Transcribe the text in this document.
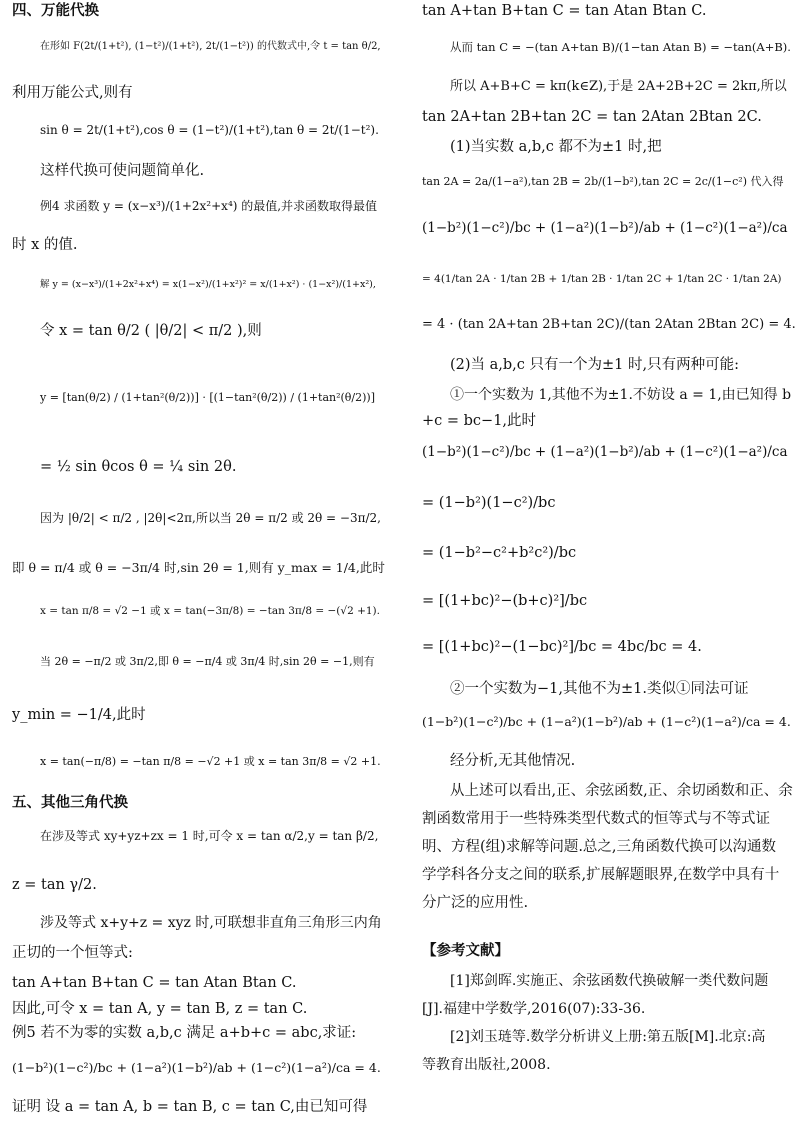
四、万能代换
在形如 F(2t/(1+t²), (1−t²)/(1+t²), 2t/(1−t²)) 的代数式中,令 t = tan θ/2,
利用万能公式,则有
sin θ = 2t/(1+t²),cos θ = (1−t²)/(1+t²),tan θ = 2t/(1−t²).
这样代换可使问题简单化.
例4 求函数 y = (x−x³)/(1+2x²+x⁴) 的最值,并求函数取得最值
时 x 的值.
解 y = (x−x³)/(1+2x²+x⁴) = x(1−x²)/(1+x²)² = x/(1+x²) · (1−x²)/(1+x²),
令 x = tan θ/2 ( |θ/2| < π/2 ),则
y = [tan(θ/2) / (1+tan²(θ/2))] · [(1−tan²(θ/2)) / (1+tan²(θ/2))]
= ½ sin θcos θ = ¼ sin 2θ.
因为 |θ/2| < π/2 , |2θ|<2π,所以当 2θ = π/2 或 2θ = −3π/2,
即 θ = π/4 或 θ = −3π/4 时,sin 2θ = 1,则有 y_max = 1/4,此时
x = tan π/8 = √2 −1 或 x = tan(−3π/8) = −tan 3π/8 = −(√2 +1).
当 2θ = −π/2 或 3π/2,即 θ = −π/4 或 3π/4 时,sin 2θ = −1,则有
y_min = −1/4,此时
x = tan(−π/8) = −tan π/8 = −√2 +1 或 x = tan 3π/8 = √2 +1.
五、其他三角代换
在涉及等式 xy+yz+zx = 1 时,可令 x = tan α/2,y = tan β/2,
z = tan γ/2.
涉及等式 x+y+z = xyz 时,可联想非直角三角形三内角
正切的一个恒等式:
tan A+tan B+tan C = tan Atan Btan C.
因此,可令 x = tan A, y = tan B, z = tan C.
例5 若不为零的实数 a,b,c 满足 a+b+c = abc,求证:
(1−b²)(1−c²)/bc + (1−a²)(1−b²)/ab + (1−c²)(1−a²)/ca = 4.
证明 设 a = tan A, b = tan B, c = tan C,由已知可得
tan A+tan B+tan C = tan Atan Btan C.
从而 tan C = −(tan A+tan B)/(1−tan Atan B) = −tan(A+B).
所以 A+B+C = kπ(k∈Z),于是 2A+2B+2C = 2kπ,所以
tan 2A+tan 2B+tan 2C = tan 2Atan 2Btan 2C.
(1)当实数 a,b,c 都不为±1 时,把
tan 2A = 2a/(1−a²),tan 2B = 2b/(1−b²),tan 2C = 2c/(1−c²) 代入得
(1−b²)(1−c²)/bc + (1−a²)(1−b²)/ab + (1−c²)(1−a²)/ca
= 4(1/tan 2A · 1/tan 2B + 1/tan 2B · 1/tan 2C + 1/tan 2C · 1/tan 2A)
= 4 · (tan 2A+tan 2B+tan 2C)/(tan 2Atan 2Btan 2C) = 4.
(2)当 a,b,c 只有一个为±1 时,只有两种可能:
①一个实数为 1,其他不为±1.不妨设 a = 1,由已知得 b
+c = bc−1,此时
(1−b²)(1−c²)/bc + (1−a²)(1−b²)/ab + (1−c²)(1−a²)/ca
= (1−b²)(1−c²)/bc
= (1−b²−c²+b²c²)/bc
= [(1+bc)²−(b+c)²]/bc
= [(1+bc)²−(1−bc)²]/bc = 4bc/bc = 4.
②一个实数为−1,其他不为±1.类似①同法可证
(1−b²)(1−c²)/bc + (1−a²)(1−b²)/ab + (1−c²)(1−a²)/ca = 4.
经分析,无其他情况.
从上述可以看出,正、余弦函数,正、余切函数和正、余
割函数常用于一些特殊类型代数式的恒等式与不等式证
明、方程(组)求解等问题.总之,三角函数代换可以沟通数
学学科各分支之间的联系,扩展解题眼界,在数学中具有十
分广泛的应用性.
【参考文献】
[1]郑剑晖.实施正、余弦函数代换破解一类代数问题
[J].福建中学数学,2016(07):33-36.
[2]刘玉琏等.数学分析讲义上册:第五版[M].北京:高
等教育出版社,2008.
